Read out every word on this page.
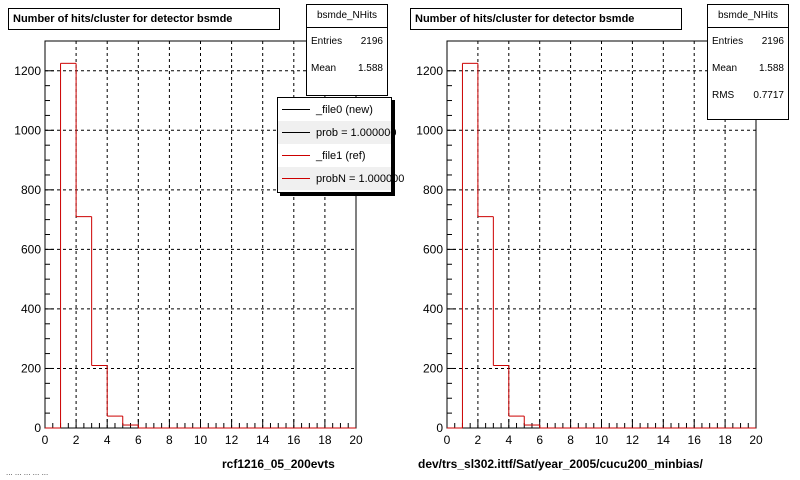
0 2 4 6 8 10 12 14 16 18 20
0
200
400
600
800
1000
1200
0 2 4 6 8 10 12 14 16 18 20
0
200
400
600
800
1000
1200
Number of hits/cluster for detector bsmde	bsmde_NHits
Entries 2196
Mean 1.588
_file0 (new)
prob = 1.000000
_file1 (ref)
probN = 1.000000
rcf1216_05_200evts
Number of hits/cluster for detector bsmde	bsmde_NHits
Entries 2196
Mean 1.588
RMS 0.7717
dev/trs_sl302.ittf/Sat/year_2005/cucu200_minbias/
... ... ... ... ...
